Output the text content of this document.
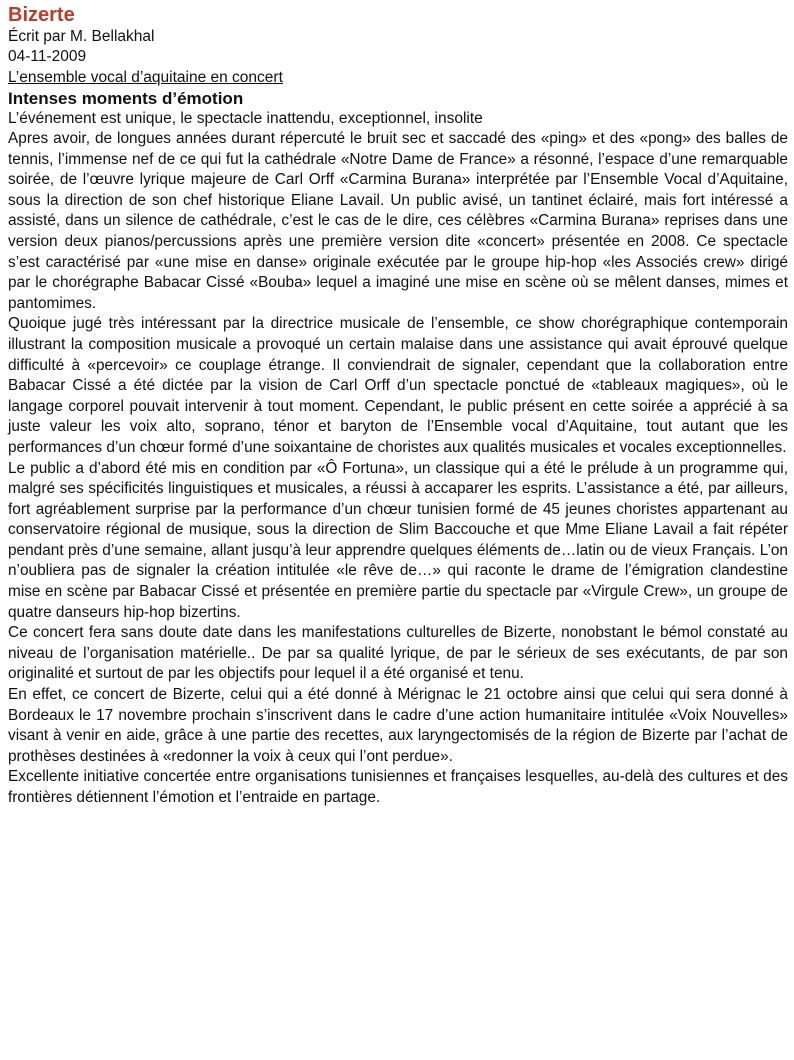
Bizerte
Écrit par M. Bellakhal
04-11-2009
L’ensemble vocal d’aquitaine en concert
Intenses moments d’émotion
L’événement est unique, le spectacle inattendu, exceptionnel, insolite

Apres avoir, de longues années durant répercuté le bruit sec et saccadé des «ping» et des «pong» des balles de tennis, l’immense nef de ce qui fut la cathédrale «Notre Dame de France» a résonné, l’espace d’une remarquable soirée, de l’œuvre lyrique majeure de Carl Orff «Carmina Burana» interprétée par l’Ensemble Vocal d’Aquitaine, sous la direction de son chef historique Eliane Lavail. Un public avisé, un tantinet éclairé, mais fort intéressé a assisté, dans un silence de cathédrale, c’est le cas de le dire, ces célèbres «Carmina Burana» reprises dans une version deux pianos/percussions après une première version dite «concert» présentée en 2008. Ce spectacle s’est caractérisé par «une mise en danse» originale exécutée par le groupe hip-hop «les Associés crew» dirigé par le chorégraphe Babacar Cissé «Bouba» lequel a imaginé une mise en scène où se mêlent danses, mimes et pantomimes.

Quoique jugé très intéressant par la directrice musicale de l’ensemble, ce show chorégraphique contemporain illustrant la composition musicale a provoqué un certain malaise dans une assistance qui avait éprouvé quelque difficulté à «percevoir» ce couplage étrange. Il conviendrait de signaler, cependant que la collaboration entre Babacar Cissé a été dictée par la vision de Carl Orff d’un spectacle ponctué de «tableaux magiques», où le langage corporel pouvait intervenir à tout moment. Cependant, le public présent en cette soirée a apprécié à sa juste valeur les voix alto, soprano, ténor et baryton de l’Ensemble vocal d’Aquitaine, tout autant que les performances d’un chœur formé d’une soixantaine de choristes aux qualités musicales et vocales exceptionnelles.

Le public a d’abord été mis en condition par «Ô Fortuna», un classique qui a été le prélude à un programme qui, malgré ses spécificités linguistiques et musicales, a réussi à accaparer les esprits. L’assistance a été, par ailleurs, fort agréablement surprise par la performance d’un chœur tunisien formé de 45 jeunes choristes appartenant au conservatoire régional de musique, sous la direction de Slim Baccouche et que Mme Eliane Lavail a fait répéter pendant près d’une semaine, allant jusqu’à leur apprendre quelques éléments de…latin ou de vieux Français. L’on n’oubliera pas de signaler la création intitulée «le rêve de…» qui raconte le drame de l’émigration clandestine mise en scène par Babacar Cissé et présentée en première partie du spectacle par «Virgule Crew», un groupe de quatre danseurs hip-hop bizertins.

Ce concert fera sans doute date dans les manifestations culturelles de Bizerte, nonobstant le bémol constaté au niveau de l’organisation matérielle.. De par sa qualité lyrique, de par le sérieux de ses exécutants, de par son originalité et surtout de par les objectifs pour lequel il a été organisé et tenu.

En effet, ce concert de Bizerte, celui qui a été donné à Mérignac le 21 octobre ainsi que celui qui sera donné à Bordeaux le 17 novembre prochain s’inscrivent dans le cadre d’une action humanitaire intitulée «Voix Nouvelles» visant à venir en aide, grâce à une partie des recettes, aux laryngectomisés de la région de Bizerte par l’achat de prothèses destinées à «redonner la voix à ceux qui l’ont perdue».

Excellente initiative concertée entre organisations tunisiennes et françaises lesquelles, au-delà des cultures et des frontières détiennent l’émotion et l’entraide en partage.
